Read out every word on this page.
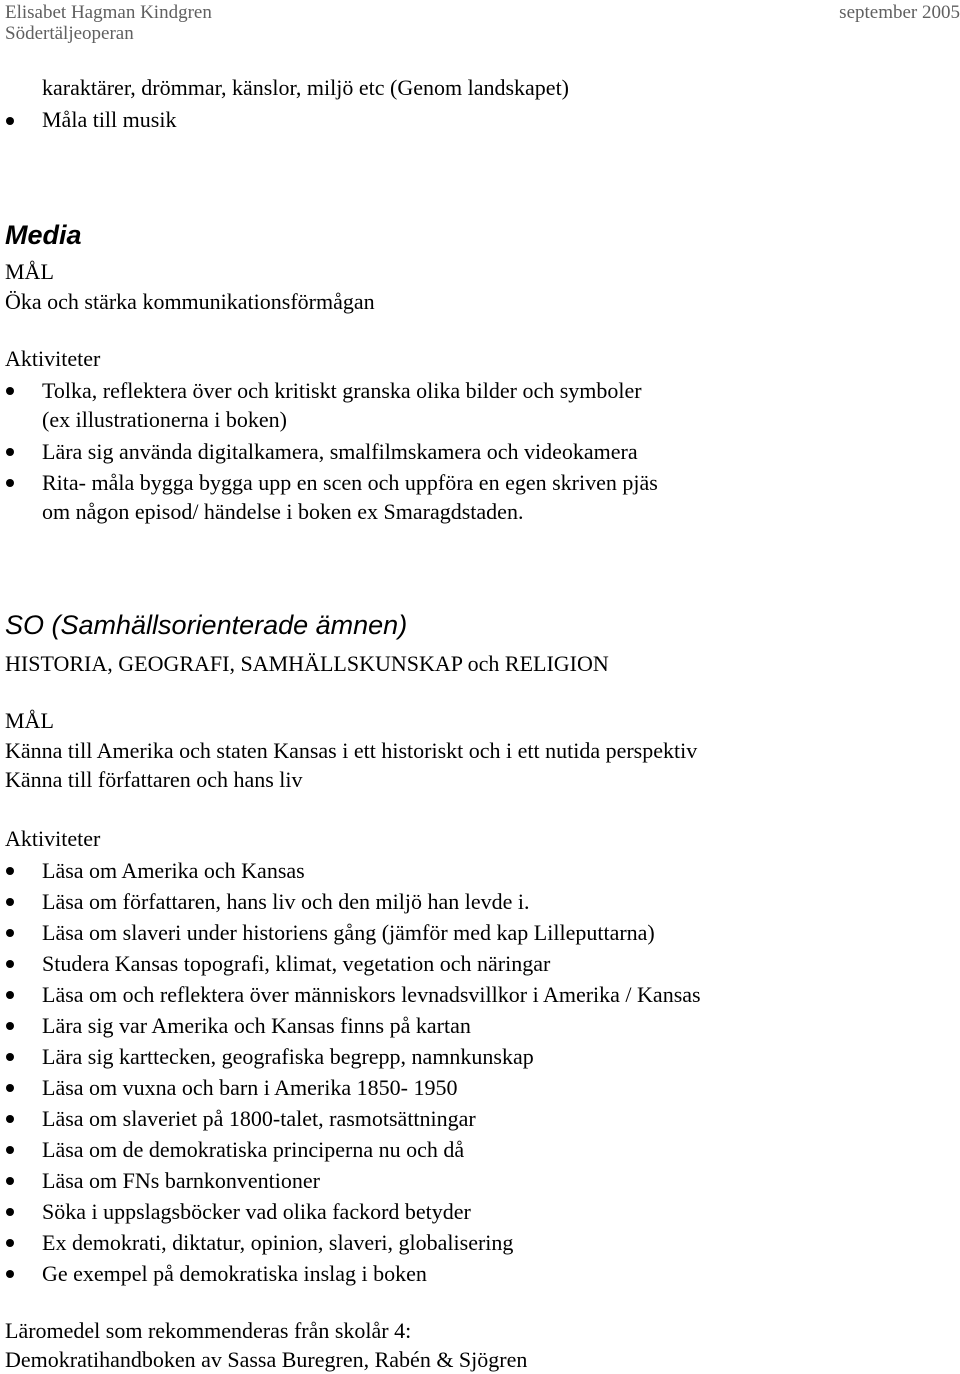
Elisabet Hagman Kindgren
Södertäljeoperan
september 2005
karaktärer, drömmar, känslor, miljö etc (Genom landskapet)
Måla till musik
Media
MÅL
Öka och stärka kommunikationsförmågan
Aktiviteter
Tolka, reflektera över och kritiskt granska olika bilder och symboler
(ex illustrationerna i boken)
Lära sig använda digitalkamera, smalfilmskamera och videokamera
Rita- måla bygga bygga upp en scen och uppföra en egen skriven pjäs
om någon episod/ händelse i boken ex Smaragdstaden.
SO (Samhällsorienterade ämnen)
HISTORIA, GEOGRAFI, SAMHÄLLSKUNSKAP och RELIGION
MÅL
Känna till Amerika och staten Kansas i ett historiskt och i ett nutida perspektiv
Känna till författaren och hans liv
Aktiviteter
Läsa om Amerika och Kansas
Läsa om författaren, hans liv och den miljö han levde i.
Läsa om slaveri under historiens gång (jämför med kap Lilleputtarna)
Studera Kansas topografi, klimat, vegetation och näringar
Läsa om och reflektera över människors levnadsvillkor i Amerika / Kansas
Lära sig var Amerika och Kansas finns på kartan
Lära sig karttecken, geografiska begrepp, namnkunskap
Läsa om vuxna och barn i Amerika 1850- 1950
Läsa om slaveriet på 1800-talet, rasmotsättningar
Läsa om de demokratiska principerna nu och då
Läsa om FNs barnkonventioner
Söka i uppslagsböcker vad olika fackord betyder
Ex demokrati, diktatur, opinion, slaveri, globalisering
Ge exempel på demokratiska inslag i boken
Läromedel som rekommenderas från skolår 4:
Demokratihandboken av Sassa Buregren, Rabén & Sjögren
